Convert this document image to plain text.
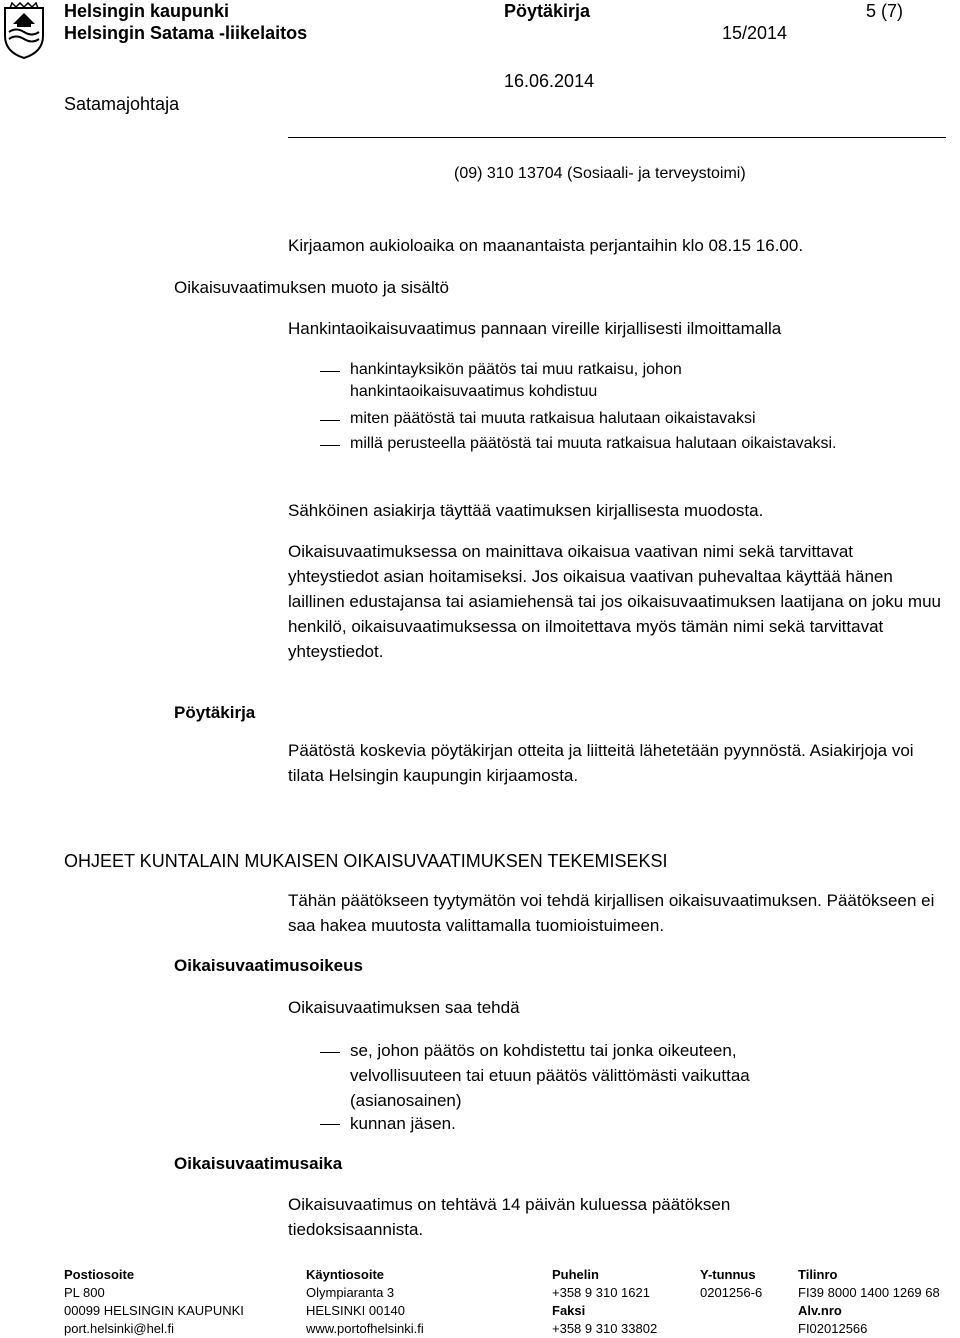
Helsingin kaupunki
Helsingin Satama -liikelaitos
Pöytäkirja
15/2014
5 (7)
Satamajohtaja
16.06.2014
(09) 310 13704 (Sosiaali- ja terveystoimi)
Kirjaamon aukioloaika on maanantaista perjantaihin klo 08.15 16.00.
Oikaisuvaatimuksen muoto ja sisältö
Hankintaoikaisuvaatimus pannaan vireille kirjallisesti ilmoittamalla
hankintayksikön päätös tai muu ratkaisu, johon hankintaoikaisuvaatimus kohdistuu
miten päätöstä tai muuta ratkaisua halutaan oikaistavaksi
millä perusteella päätöstä tai muuta ratkaisua halutaan oikaistavaksi.
Sähköinen asiakirja täyttää vaatimuksen kirjallisesta muodosta.
Oikaisuvaatimuksessa on mainittava oikaisua vaativan nimi sekä tarvittavat yhteystiedot asian hoitamiseksi. Jos oikaisua vaativan puhevaltaa käyttää hänen laillinen edustajansa tai asiamiehensä tai jos oikaisuvaatimuksen laatijana on joku muu henkilö, oikaisuvaatimuksessa on ilmoitettava myös tämän nimi sekä tarvittavat yhteystiedot.
Pöytäkirja
Päätöstä koskevia pöytäkirjan otteita ja liitteitä lähetetään pyynnöstä. Asiakirjoja voi tilata Helsingin kaupungin kirjaamosta.
OHJEET KUNTALAIN MUKAISEN OIKAISUVAATIMUKSEN TEKEMISEKSI
Tähän päätökseen tyytymätön voi tehdä kirjallisen oikaisuvaatimuksen. Päätökseen ei saa hakea muutosta valittamalla tuomioistuimeen.
Oikaisuvaatimusoikeus
Oikaisuvaatimuksen saa tehdä
se, johon päätös on kohdistettu tai jonka oikeuteen, velvollisuuteen tai etuun päätös välittömästi vaikuttaa (asianosainen)
kunnan jäsen.
Oikaisuvaatimusaika
Oikaisuvaatimus on tehtävä 14 päivän kuluessa päätöksen tiedoksisaannista.
Postiosoite
PL 800
00099 HELSINGIN KAUPUNKI
port.helsinki@hel.fi
Käyntiosoite
Olympiaranta 3
HELSINKI 00140
www.portofhelsinki.fi
Puhelin
+358 9 310 1621
Faksi
+358 9 310 33802
Y-tunnus
0201256-6
Tilinro
FI39 8000 1400 1269 68
Alv.nro
FI02012566
